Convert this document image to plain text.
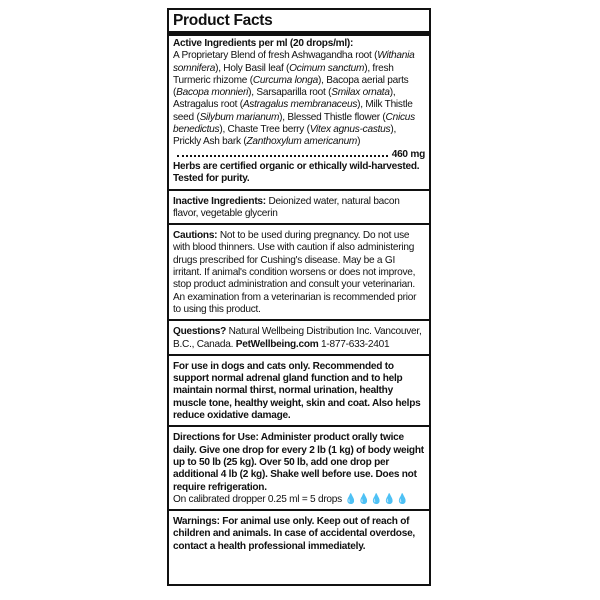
Product Facts
Active Ingredients per ml (20 drops/ml):
A Proprietary Blend of fresh Ashwagandha root (Withania somnifera), Holy Basil leaf (Ocimum sanctum), fresh Turmeric rhizome (Curcuma longa), Bacopa aerial parts (Bacopa monnieri), Sarsaparilla root (Smilax ornata), Astragalus root (Astragalus membranaceus), Milk Thistle seed (Silybum marianum), Blessed Thistle flower (Cnicus benedictus), Chaste Tree berry (Vitex agnus-castus), Prickly Ash bark (Zanthoxylum americanum)
460 mg
Herbs are certified organic or ethically wild-harvested. Tested for purity.
Inactive Ingredients: Deionized water, natural bacon flavor, vegetable glycerin
Cautions: Not to be used during pregnancy. Do not use with blood thinners. Use with caution if also administering drugs prescribed for Cushing's disease. May be a GI irritant. If animal's condition worsens or does not improve, stop product administration and consult your veterinarian. An examination from a veterinarian is recommended prior to using this product.
Questions? Natural Wellbeing Distribution Inc. Vancouver, B.C., Canada. PetWellbeing.com 1-877-633-2401
For use in dogs and cats only. Recommended to support normal adrenal gland function and to help maintain normal thirst, normal urination, healthy muscle tone, healthy weight, skin and coat. Also helps reduce oxidative damage.
Directions for Use: Administer product orally twice daily. Give one drop for every 2 lb (1 kg) of body weight up to 50 lb (25 kg). Over 50 lb, add one drop per additional 4 lb (2 kg). Shake well before use. Does not require refrigeration.
On calibrated dropper 0.25 ml = 5 drops 💧💧💧💧💧
Warnings: For animal use only. Keep out of reach of children and animals. In case of accidental overdose, contact a health professional immediately.
